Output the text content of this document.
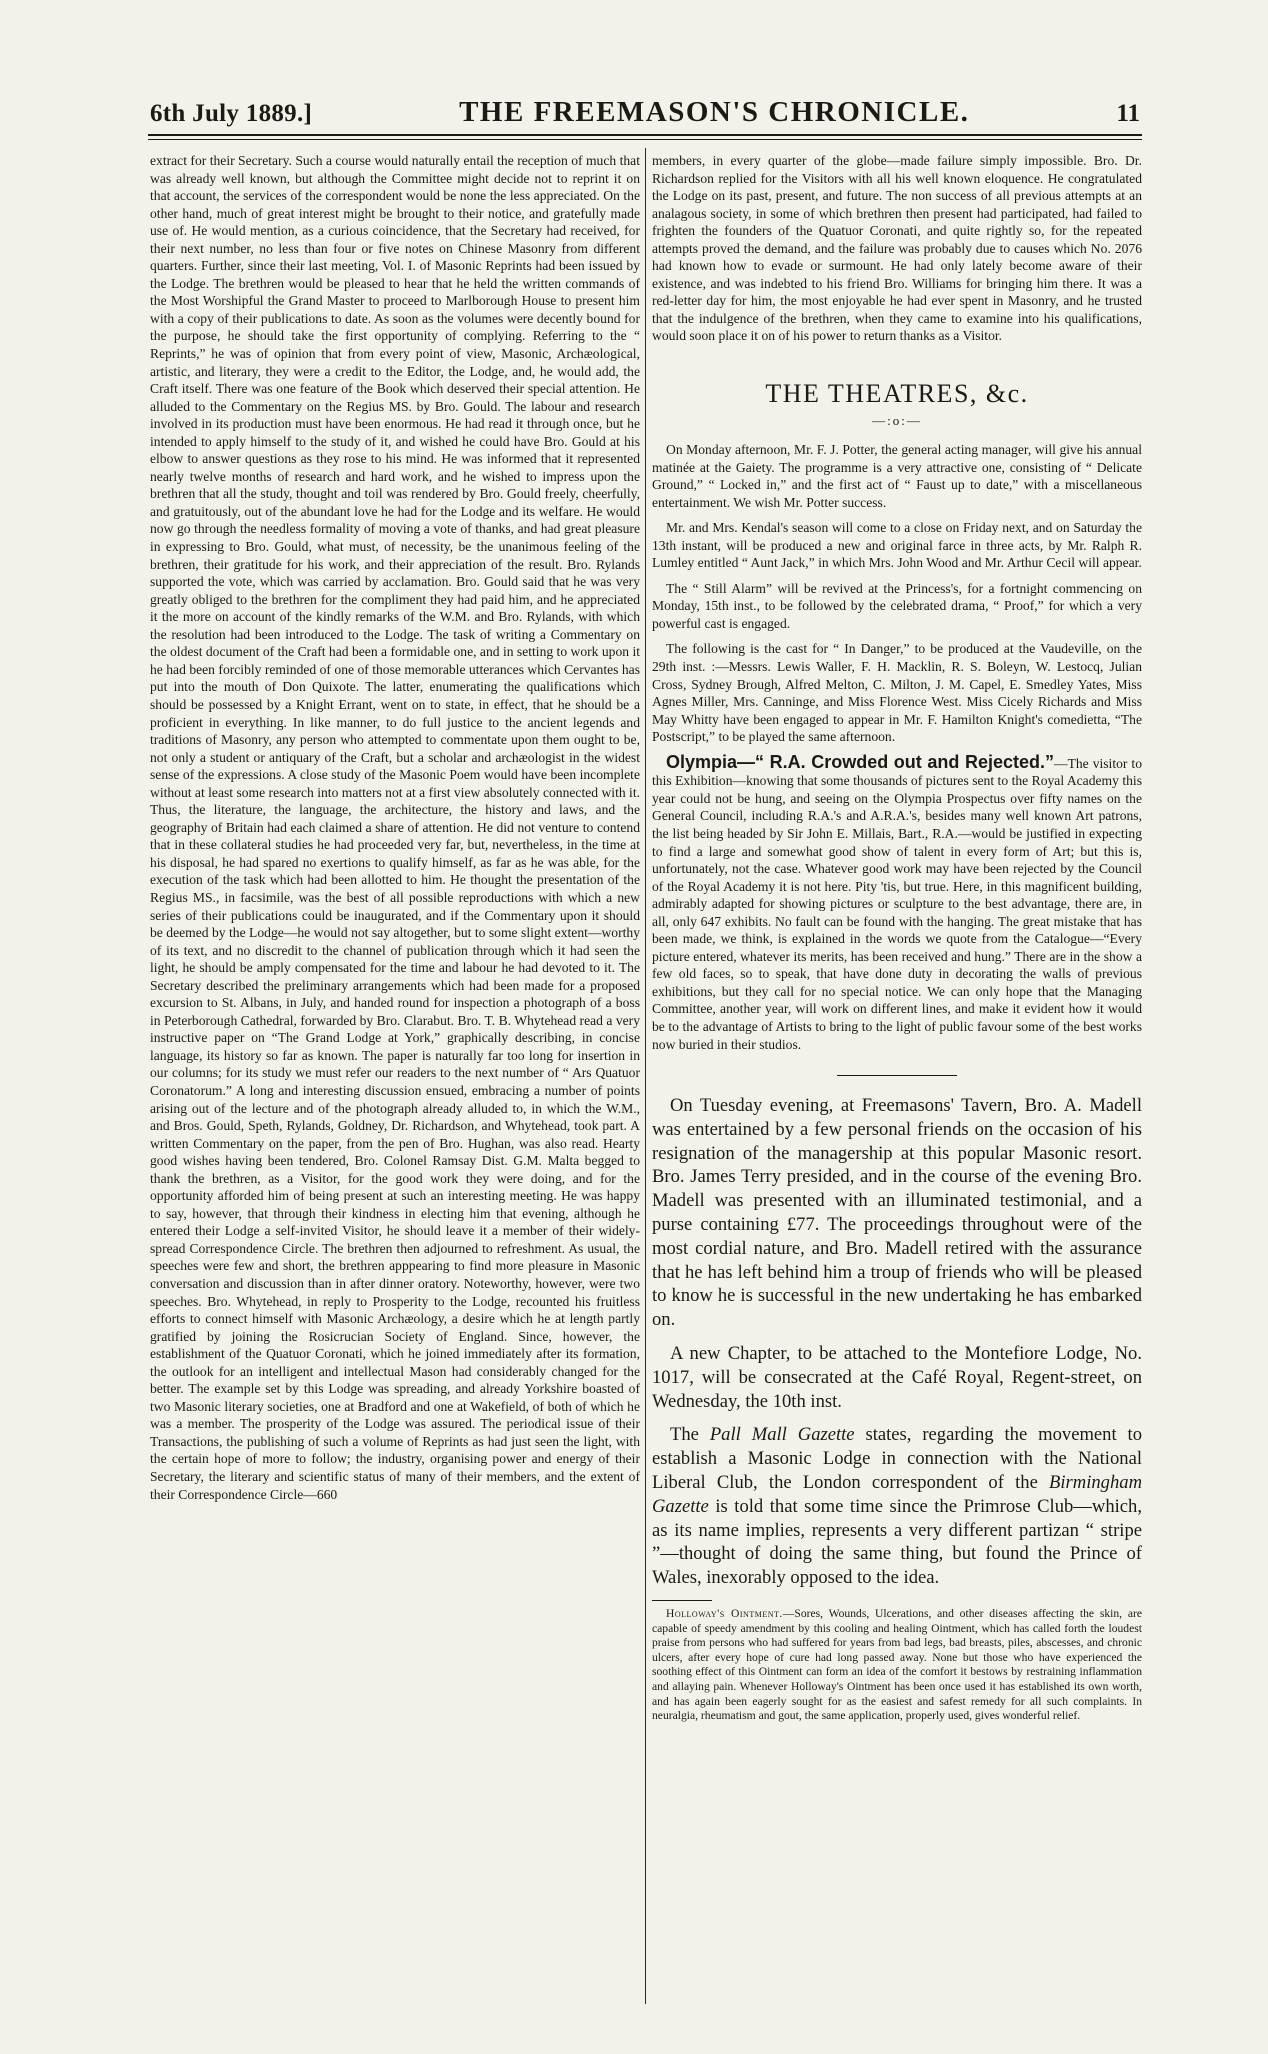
6th July 1889.]	THE FREEMASON'S CHRONICLE.	11

extract for their Secretary. Such a course would naturally entail the reception of much that was already well known, but although the Committee might decide not to reprint it on that account, the services of the correspondent would be none the less appreciated. On the other hand, much of great interest might be brought to their notice, and gratefully made use of. He would mention, as a curious coincidence, that the Secretary had received, for their next number, no less than four or five notes on Chinese Masonry from different quarters. Further, since their last meeting, Vol. I. of Masonic Reprints had been issued by the Lodge. The brethren would be pleased to hear that he held the written commands of the Most Worshipful the Grand Master to proceed to Marlborough House to present him with a copy of their publications to date. As soon as the volumes were decently bound for the purpose, he should take the first opportunity of complying. Referring to the “ Reprints,” he was of opinion that from every point of view, Masonic, Archæological, artistic, and literary, they were a credit to the Editor, the Lodge, and, he would add, the Craft itself. There was one feature of the Book which deserved their special attention. He alluded to the Commentary on the Regius MS. by Bro. Gould. The labour and research involved in its production must have been enormous. He had read it through once, but he intended to apply himself to the study of it, and wished he could have Bro. Gould at his elbow to answer questions as they rose to his mind. He was informed that it represented nearly twelve months of research and hard work, and he wished to impress upon the brethren that all the study, thought and toil was rendered by Bro. Gould freely, cheerfully, and gratuitously, out of the abundant love he had for the Lodge and its welfare. He would now go through the needless formality of moving a vote of thanks, and had great pleasure in expressing to Bro. Gould, what must, of necessity, be the unanimous feeling of the brethren, their gratitude for his work, and their appreciation of the result. Bro. Rylands supported the vote, which was carried by acclamation. Bro. Gould said that he was very greatly obliged to the brethren for the compliment they had paid him, and he appreciated it the more on account of the kindly remarks of the W.M. and Bro. Rylands, with which the resolution had been introduced to the Lodge. The task of writing a Commentary on the oldest document of the Craft had been a formidable one, and in setting to work upon it he had been forcibly reminded of one of those memorable utterances which Cervantes has put into the mouth of Don Quixote. The latter, enumerating the qualifications which should be possessed by a Knight Errant, went on to state, in effect, that he should be a proficient in everything. In like manner, to do full justice to the ancient legends and traditions of Masonry, any person who attempted to commentate upon them ought to be, not only a student or antiquary of the Craft, but a scholar and archæologist in the widest sense of the expressions. A close study of the Masonic Poem would have been incomplete without at least some research into matters not at a first view absolutely connected with it. Thus, the literature, the language, the architecture, the history and laws, and the geography of Britain had each claimed a share of attention. He did not venture to contend that in these collateral studies he had proceeded very far, but, nevertheless, in the time at his disposal, he had spared no exertions to qualify himself, as far as he was able, for the execution of the task which had been allotted to him. He thought the presentation of the Regius MS., in facsimile, was the best of all possible reproductions with which a new series of their publications could be inaugurated, and if the Commentary upon it should be deemed by the Lodge—he would not say altogether, but to some slight extent—worthy of its text, and no discredit to the channel of publication through which it had seen the light, he should be amply compensated for the time and labour he had devoted to it. The Secretary described the preliminary arrangements which had been made for a proposed excursion to St. Albans, in July, and handed round for inspection a photograph of a boss in Peterborough Cathedral, forwarded by Bro. Clarabut. Bro. T. B. Whytehead read a very instructive paper on “The Grand Lodge at York,” graphically describing, in concise language, its history so far as known. The paper is naturally far too long for insertion in our columns; for its study we must refer our readers to the next number of “ Ars Quatuor Coronatorum.” A long and interesting discussion ensued, embracing a number of points arising out of the lecture and of the photograph already alluded to, in which the W.M., and Bros. Gould, Speth, Rylands, Goldney, Dr. Richardson, and Whytehead, took part. A written Commentary on the paper, from the pen of Bro. Hughan, was also read. Hearty good wishes having been tendered, Bro. Colonel Ramsay Dist. G.M. Malta begged to thank the brethren, as a Visitor, for the good work they were doing, and for the opportunity afforded him of being present at such an interesting meeting. He was happy to say, however, that through their kindness in electing him that evening, although he entered their Lodge a self-invited Visitor, he should leave it a member of their widely-spread Correspondence Circle. The brethren then adjourned to refreshment. As usual, the speeches were few and short, the brethren apppearing to find more pleasure in Masonic conversation and discussion than in after dinner oratory. Noteworthy, however, were two speeches. Bro. Whytehead, in reply to Prosperity to the Lodge, recounted his fruitless efforts to connect himself with Masonic Archæology, a desire which he at length partly gratified by joining the Rosicrucian Society of England. Since, however, the establishment of the Quatuor Coronati, which he joined immediately after its formation, the outlook for an intelligent and intellectual Mason had considerably changed for the better. The example set by this Lodge was spreading, and already Yorkshire boasted of two Masonic literary societies, one at Bradford and one at Wakefield, of both of which he was a member. The prosperity of the Lodge was assured. The periodical issue of their Transactions, the publishing of such a volume of Reprints as had just seen the light, with the certain hope of more to follow; the industry, organising power and energy of their Secretary, the literary and scientific status of many of their members, and the extent of their Correspondence Circle—660

members, in every quarter of the globe—made failure simply impossible. Bro. Dr. Richardson replied for the Visitors with all his well known eloquence. He congratulated the Lodge on its past, present, and future. The non success of all previous attempts at an analagous society, in some of which brethren then present had participated, had failed to frighten the founders of the Quatuor Coronati, and quite rightly so, for the repeated attempts proved the demand, and the failure was probably due to causes which No. 2076 had known how to evade or surmount. He had only lately become aware of their existence, and was indebted to his friend Bro. Williams for bringing him there. It was a red-letter day for him, the most enjoyable he had ever spent in Masonry, and he trusted that the indulgence of the brethren, when they came to examine into his qualifications, would soon place it on of his power to return thanks as a Visitor.

THE THEATRES, &c.
—:o:—

On Monday afternoon, Mr. F. J. Potter, the general acting manager, will give his annual matinée at the Gaiety. The programme is a very attractive one, consisting of “ Delicate Ground,” “ Locked in,” and the first act of “ Faust up to date,” with a miscellaneous entertainment. We wish Mr. Potter success.

Mr. and Mrs. Kendal's season will come to a close on Friday next, and on Saturday the 13th instant, will be produced a new and original farce in three acts, by Mr. Ralph R. Lumley entitled “ Aunt Jack,” in which Mrs. John Wood and Mr. Arthur Cecil will appear.

The “ Still Alarm” will be revived at the Princess's, for a fortnight commencing on Monday, 15th inst., to be followed by the celebrated drama, “ Proof,” for which a very powerful cast is engaged.

The following is the cast for “ In Danger,” to be produced at the Vaudeville, on the 29th inst. :—Messrs. Lewis Waller, F. H. Macklin, R. S. Boleyn, W. Lestocq, Julian Cross, Sydney Brough, Alfred Melton, C. Milton, J. M. Capel, E. Smedley Yates, Miss Agnes Miller, Mrs. Canninge, and Miss Florence West. Miss Cicely Richards and Miss May Whitty have been engaged to appear in Mr. F. Hamilton Knight's comedietta, “The Postscript,” to be played the same afternoon.

Olympia—“ R.A. Crowded out and Rejected.”—The visitor to this Exhibition—knowing that some thousands of pictures sent to the Royal Academy this year could not be hung, and seeing on the Olympia Prospectus over fifty names on the General Council, including R.A.'s and A.R.A.'s, besides many well known Art patrons, the list being headed by Sir John E. Millais, Bart., R.A.—would be justified in expecting to find a large and somewhat good show of talent in every form of Art; but this is, unfortunately, not the case. Whatever good work may have been rejected by the Council of the Royal Academy it is not here. Pity 'tis, but true. Here, in this magnificent building, admirably adapted for showing pictures or sculpture to the best advantage, there are, in all, only 647 exhibits. No fault can be found with the hanging. The great mistake that has been made, we think, is explained in the words we quote from the Catalogue—“Every picture entered, whatever its merits, has been received and hung.” There are in the show a few old faces, so to speak, that have done duty in decorating the walls of previous exhibitions, but they call for no special notice. We can only hope that the Managing Committee, another year, will work on different lines, and make it evident how it would be to the advantage of Artists to bring to the light of public favour some of the best works now buried in their studios.

On Tuesday evening, at Freemasons' Tavern, Bro. A. Madell was entertained by a few personal friends on the occasion of his resignation of the managership at this popular Masonic resort. Bro. James Terry presided, and in the course of the evening Bro. Madell was presented with an illuminated testimonial, and a purse containing £77. The proceedings throughout were of the most cordial nature, and Bro. Madell retired with the assurance that he has left behind him a troup of friends who will be pleased to know he is successful in the new undertaking he has embarked on.

A new Chapter, to be attached to the Montefiore Lodge, No. 1017, will be consecrated at the Café Royal, Regent-street, on Wednesday, the 10th inst.

The Pall Mall Gazette states, regarding the movement to establish a Masonic Lodge in connection with the National Liberal Club, the London correspondent of the Birmingham Gazette is told that some time since the Primrose Club—which, as its name implies, represents a very different partizan “ stripe ”—thought of doing the same thing, but found the Prince of Wales, inexorably opposed to the idea.

Holloway's Ointment.—Sores, Wounds, Ulcerations, and other diseases affecting the skin, are capable of speedy amendment by this cooling and healing Ointment, which has called forth the loudest praise from persons who had suffered for years from bad legs, bad breasts, piles, abscesses, and chronic ulcers, after every hope of cure had long passed away. None but those who have experienced the soothing effect of this Ointment can form an idea of the comfort it bestows by restraining inflammation and allaying pain. Whenever Holloway's Ointment has been once used it has established its own worth, and has again been eagerly sought for as the easiest and safest remedy for all such complaints. In neuralgia, rheumatism and gout, the same application, properly used, gives wonderful relief.
